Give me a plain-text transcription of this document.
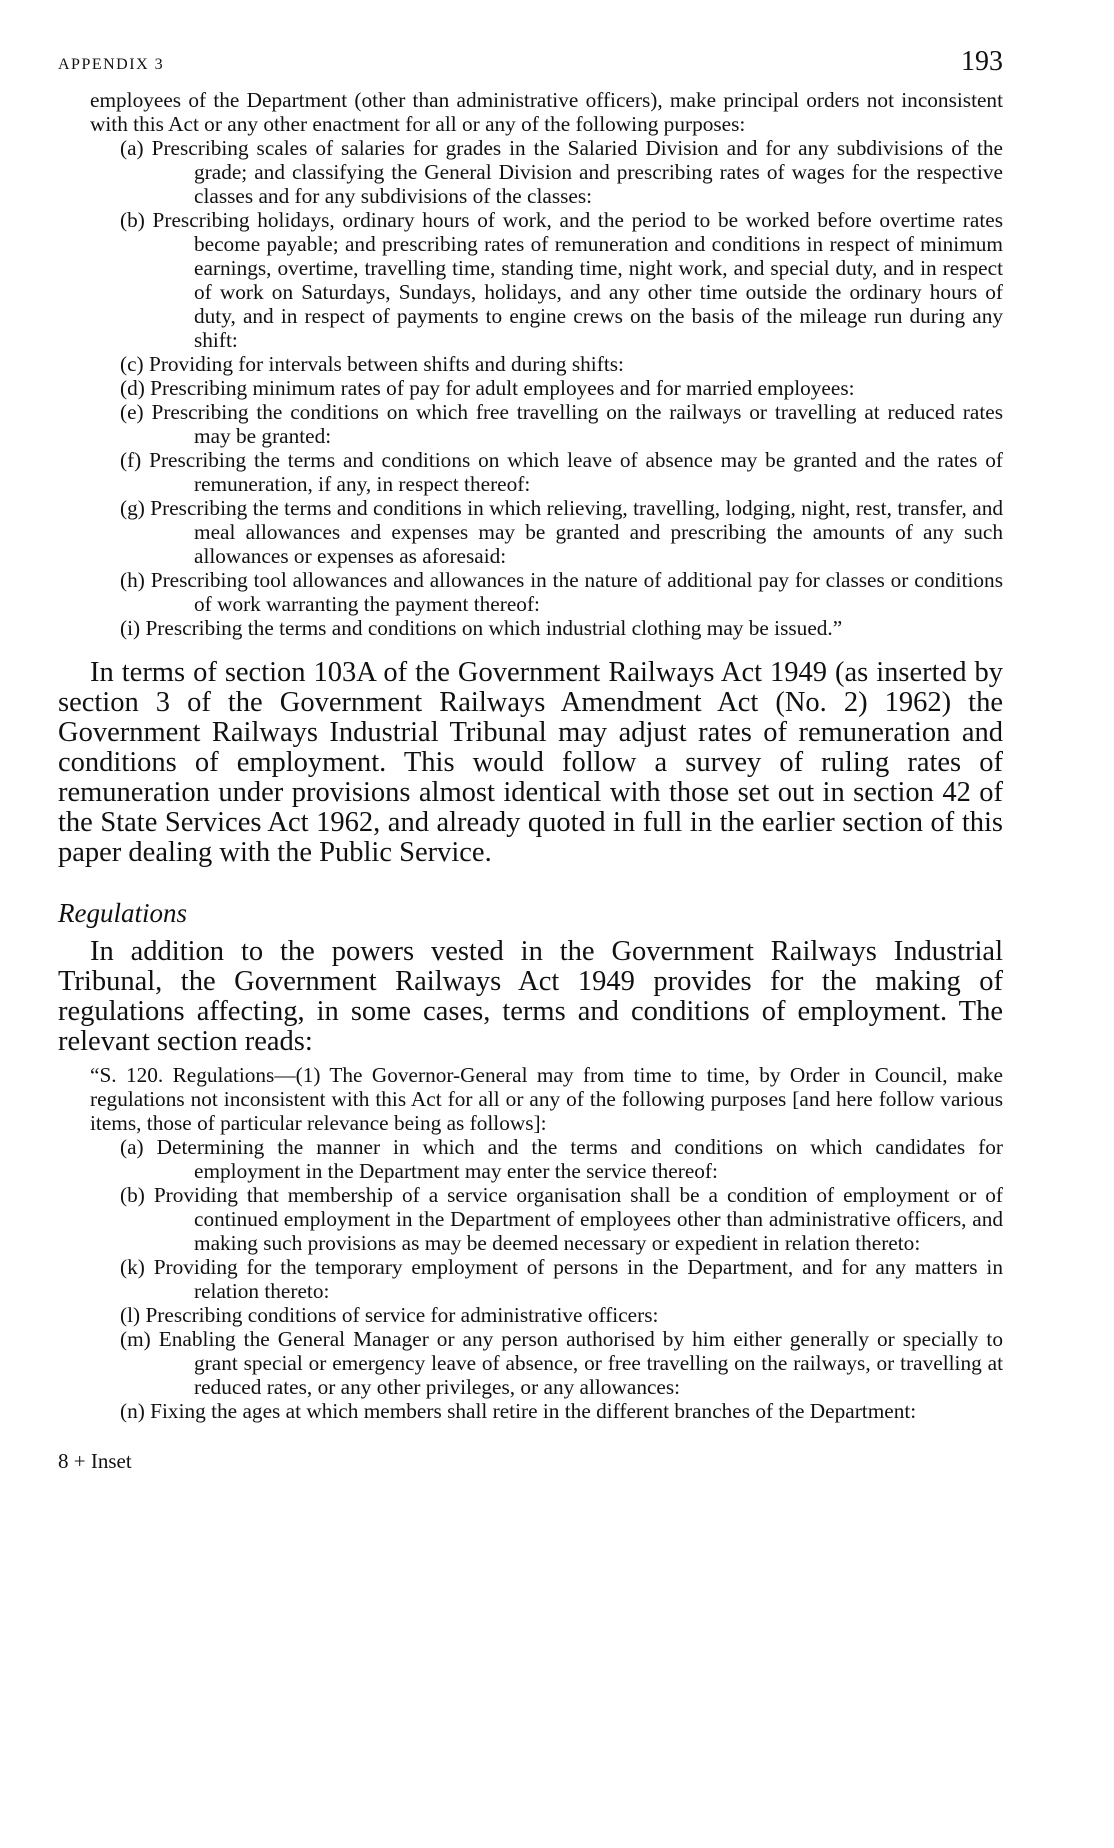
APPENDIX 3	193

employees of the Department (other than administrative officers), make principal orders not inconsistent with this Act or any other enactment for all or any of the following purposes:

(a) Prescribing scales of salaries for grades in the Salaried Division and for any subdivisions of the grade; and classifying the General Division and prescribing rates of wages for the respective classes and for any subdivisions of the classes:
(b) Prescribing holidays, ordinary hours of work, and the period to be worked before overtime rates become payable; and prescribing rates of remuneration and conditions in respect of minimum earnings, overtime, travelling time, standing time, night work, and special duty, and in respect of work on Saturdays, Sundays, holidays, and any other time outside the ordinary hours of duty, and in respect of payments to engine crews on the basis of the mileage run during any shift:
(c) Providing for intervals between shifts and during shifts:
(d) Prescribing minimum rates of pay for adult employees and for married employees:
(e) Prescribing the conditions on which free travelling on the railways or travelling at reduced rates may be granted:
(f) Prescribing the terms and conditions on which leave of absence may be granted and the rates of remuneration, if any, in respect thereof:
(g) Prescribing the terms and conditions in which relieving, travelling, lodging, night, rest, transfer, and meal allowances and expenses may be granted and prescribing the amounts of any such allowances or expenses as aforesaid:
(h) Prescribing tool allowances and allowances in the nature of additional pay for classes or conditions of work warranting the payment thereof:
(i) Prescribing the terms and conditions on which industrial clothing may be issued.”

In terms of section 103A of the Government Railways Act 1949 (as inserted by section 3 of the Government Railways Amendment Act (No. 2) 1962) the Government Railways Industrial Tribunal may adjust rates of remuneration and conditions of employment. This would follow a survey of ruling rates of remuneration under provisions almost identical with those set out in section 42 of the State Services Act 1962, and already quoted in full in the earlier section of this paper dealing with the Public Service.

Regulations

In addition to the powers vested in the Government Railways Industrial Tribunal, the Government Railways Act 1949 provides for the making of regulations affecting, in some cases, terms and conditions of employment. The relevant section reads:

“S. 120. Regulations—(1) The Governor-General may from time to time, by Order in Council, make regulations not inconsistent with this Act for all or any of the following purposes [and here follow various items, those of particular relevance being as follows]:

(a) Determining the manner in which and the terms and conditions on which candidates for employment in the Department may enter the service thereof:
(b) Providing that membership of a service organisation shall be a condition of employment or of continued employment in the Department of employees other than administrative officers, and making such provisions as may be deemed necessary or expedient in relation thereto:
(k) Providing for the temporary employment of persons in the Department, and for any matters in relation thereto:
(l) Prescribing conditions of service for administrative officers:
(m) Enabling the General Manager or any person authorised by him either generally or specially to grant special or emergency leave of absence, or free travelling on the railways, or travelling at reduced rates, or any other privileges, or any allowances:
(n) Fixing the ages at which members shall retire in the different branches of the Department:
8 + Inset
